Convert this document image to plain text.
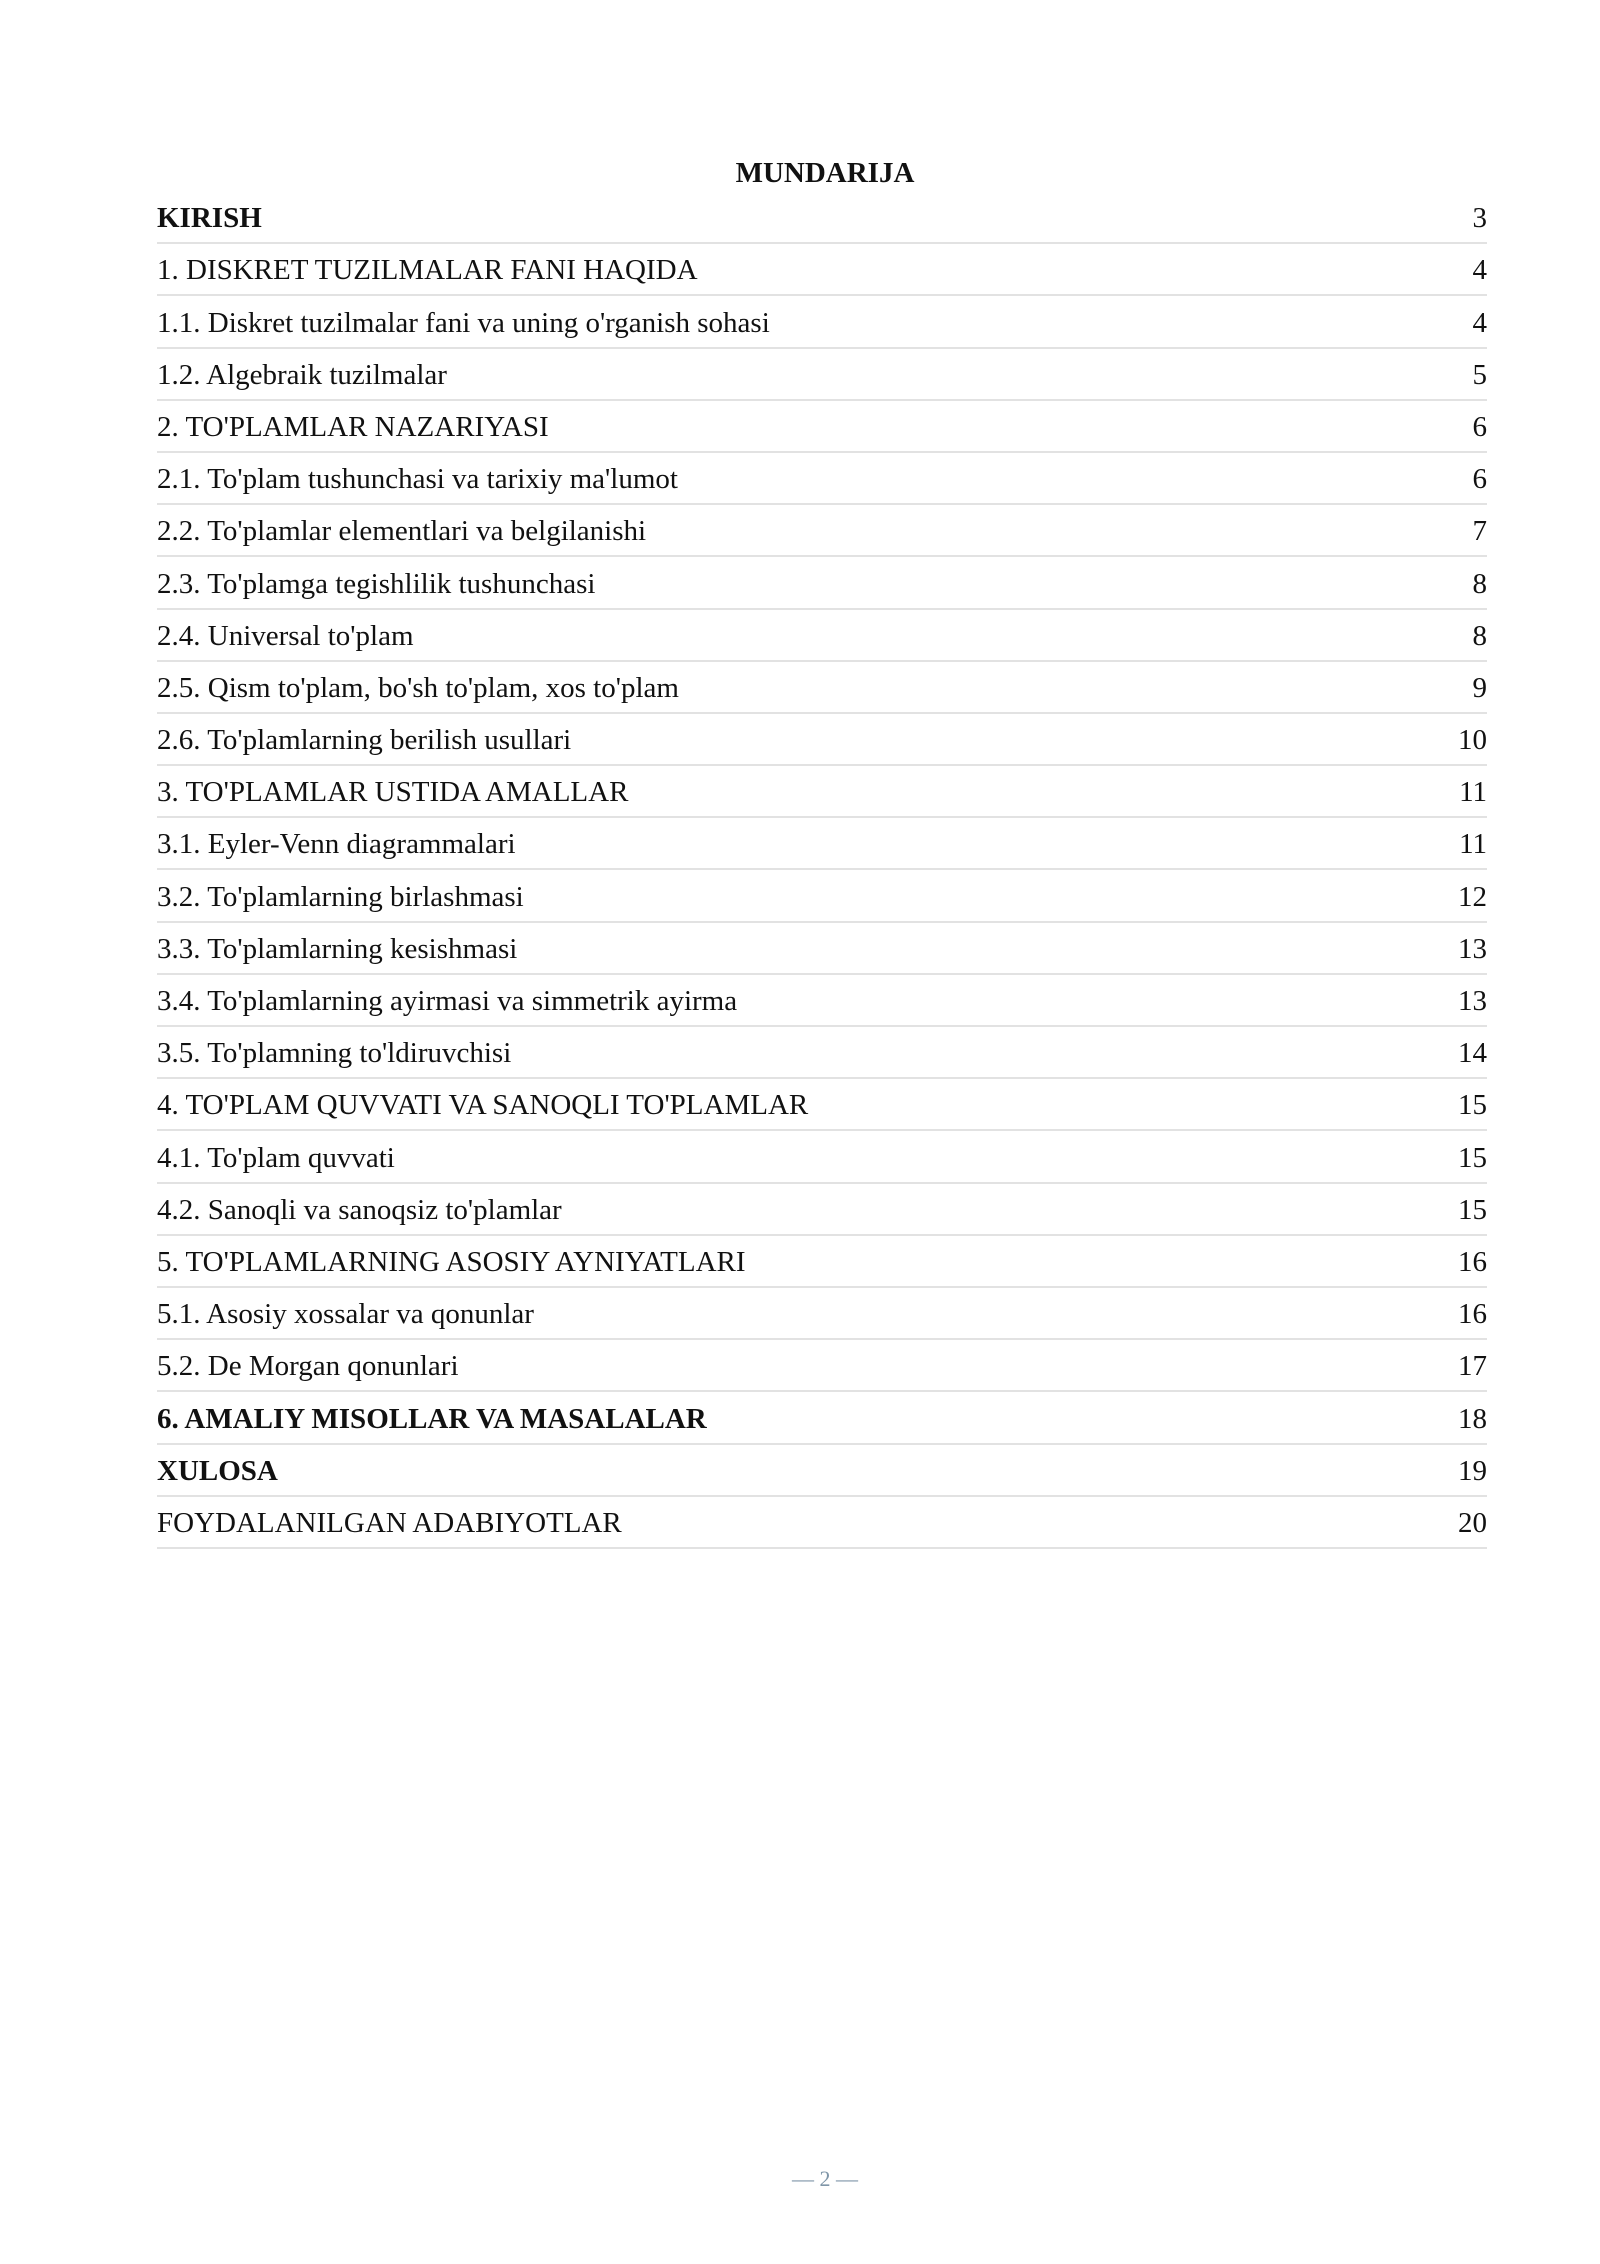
MUNDARIJA
KIRISH	3
1. DISKRET TUZILMALAR FANI HAQIDA	4
1.1. Diskret tuzilmalar fani va uning o'rganish sohasi	4
1.2. Algebraik tuzilmalar	5
2. TO'PLAMLAR NAZARIYASI	6
2.1. To'plam tushunchasi va tarixiy ma'lumot	6
2.2. To'plamlar elementlari va belgilanishi	7
2.3. To'plamga tegishlilik tushunchasi	8
2.4. Universal to'plam	8
2.5. Qism to'plam, bo'sh to'plam, xos to'plam	9
2.6. To'plamlarning berilish usullari	10
3. TO'PLAMLAR USTIDA AMALLAR	11
3.1. Eyler-Venn diagrammalari	11
3.2. To'plamlarning birlashmasi	12
3.3. To'plamlarning kesishmasi	13
3.4. To'plamlarning ayirmasi va simmetrik ayirma	13
3.5. To'plamning to'ldiruvchisi	14
4. TO'PLAM QUVVATI VA SANOQLI TO'PLAMLAR	15
4.1. To'plam quvvati	15
4.2. Sanoqli va sanoqsiz to'plamlar	15
5. TO'PLAMLARNING ASOSIY AYNIYATLARI	16
5.1. Asosiy xossalar va qonunlar	16
5.2. De Morgan qonunlari	17
6. AMALIY MISOLLAR VA MASALALAR	18
XULOSA	19
FOYDALANILGAN ADABIYOTLAR	20

— 2 —
